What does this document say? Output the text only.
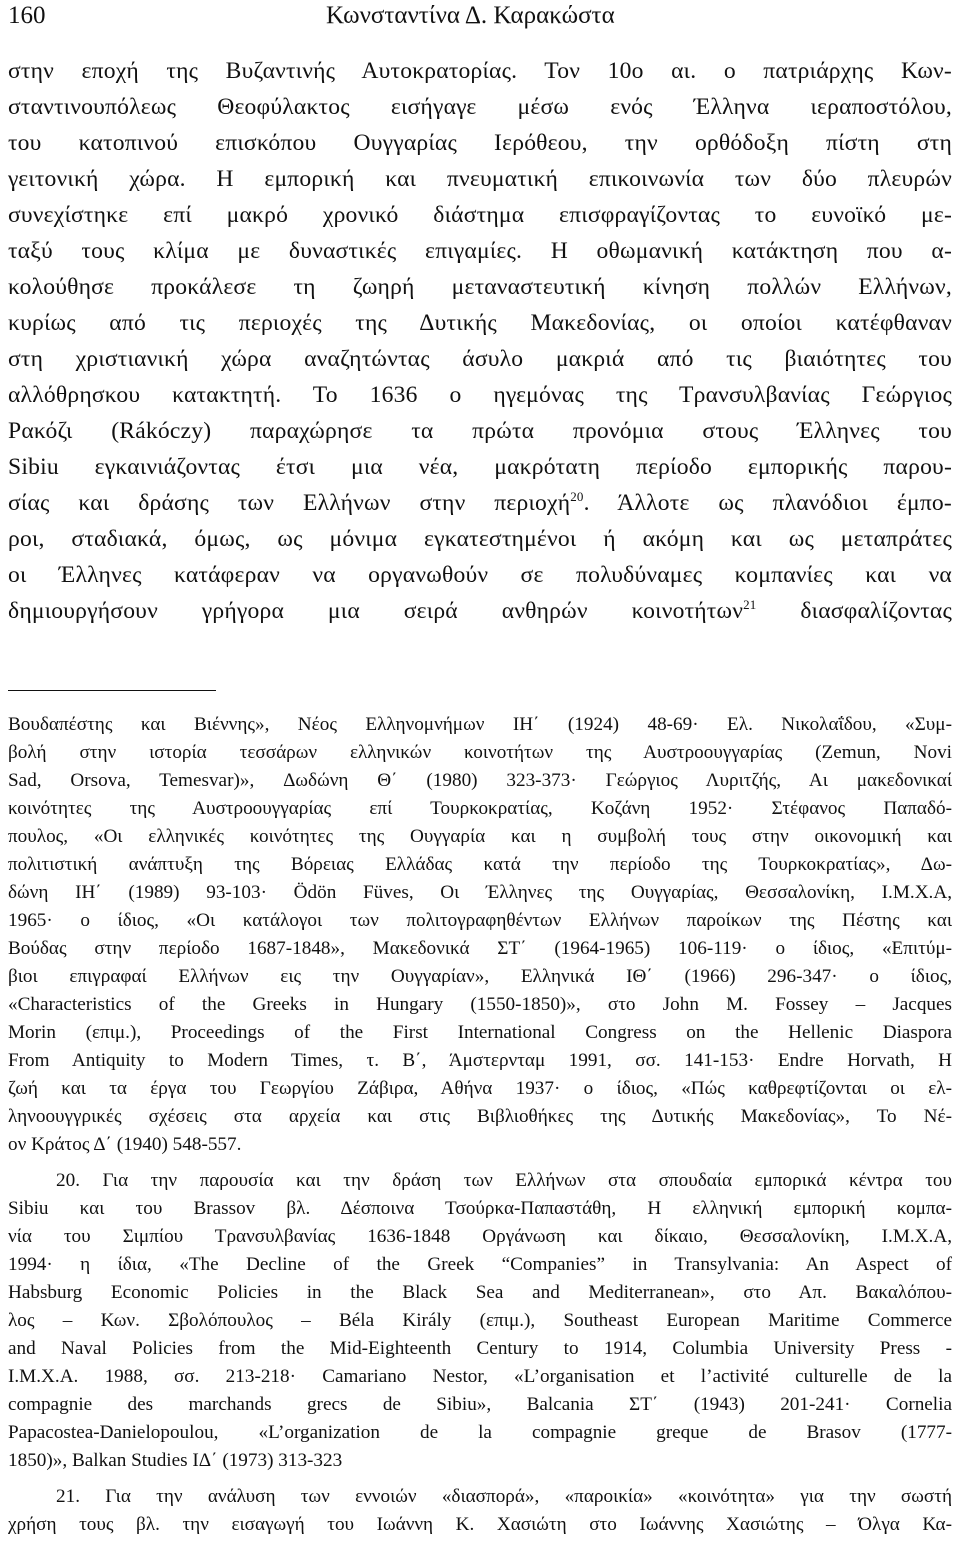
160	Κωνσταντίνα Δ. Καρακώστα
στην εποχή της Βυζαντινής Αυτοκρατορίας. Τον 10ο αι. ο πατριάρχης Κων-
σταντινουπόλεως Θεοφύλακτος εισήγαγε μέσω ενός Έλληνα ιεραποστόλου,
του κατοπινού επισκόπου Ουγγαρίας Ιερόθεου, την ορθόδοξη πίστη στη
γειτονική χώρα. Η εμπορική και πνευματική επικοινωνία των δύο πλευρών
συνεχίστηκε επί μακρό χρονικό διάστημα επισφραγίζοντας το ευνοϊκό με-
ταξύ τους κλίμα με δυναστικές επιγαμίες. Η οθωμανική κατάκτηση που α-
κολούθησε προκάλεσε τη ζωηρή μεταναστευτική κίνηση πολλών Ελλήνων,
κυρίως από τις περιοχές της Δυτικής Μακεδονίας, οι οποίοι κατέφθαναν
στη χριστιανική χώρα αναζητώντας άσυλο μακριά από τις βιαιότητες του
αλλόθρησκου κατακτητή. Το 1636 ο ηγεμόνας της Τρανσυλβανίας Γεώργιος
Ρακόζι (Rákóczy) παραχώρησε τα πρώτα προνόμια στους Έλληνες του
Sibiu εγκαινιάζοντας έτσι μια νέα, μακρότατη περίοδο εμπορικής παρου-
σίας και δράσης των Ελλήνων στην περιοχή$^{20}$. Άλλοτε ως πλανόδιοι έμπο-
ροι, σταδιακά, όμως, ως μόνιμα εγκατεστημένοι ή ακόμη και ως μεταπράτες
οι Έλληνες κατάφεραν να οργανωθούν σε πολυδύναμες κομπανίες και να
δημιουργήσουν γρήγορα μια σειρά ανθηρών κοινοτήτων$^{21}$ διασφαλίζοντας
Βουδαπέστης και Βιέννης», Νέος Ελληνομνήμων ΙΗ΄ (1924) 48-69· Ελ. Νικολαΐδου, «Συμ-
βολή στην ιστορία τεσσάρων ελληνικών κοινοτήτων της Αυστροουγγαρίας (Zemun, Novi
Sad, Orsova, Temesvar)», Δωδώνη Θ΄ (1980) 323-373· Γεώργιος Λυριτζής, Αι μακεδονικαί
κοινότητες της Αυστροουγγαρίας επί Τουρκοκρατίας, Κοζάνη 1952· Στέφανος Παπαδό-
πουλος, «Οι ελληνικές κοινότητες της Ουγγαρία και η συμβολή τους στην οικονομική και
πολιτιστική ανάπτυξη της Βόρειας Ελλάδας κατά την περίοδο της Τουρκοκρατίας», Δω-
δώνη ΙΗ΄ (1989) 93-103· Ödön Füves, Οι Έλληνες της Ουγγαρίας, Θεσσαλονίκη, Ι.Μ.Χ.Α,
1965· ο ίδιος, «Οι κατάλογοι των πολιτογραφηθέντων Ελλήνων παροίκων της Πέστης και
Βούδας στην περίοδο 1687-1848», Μακεδονικά ΣΤ΄ (1964-1965) 106-119· ο ίδιος, «Επιτύμ-
βιοι επιγραφαί Ελλήνων εις την Ουγγαρίαν», Ελληνικά ΙΘ΄ (1966) 296-347· ο ίδιος,
«Characteristics of the Greeks in Hungary (1550-1850)», στο John M. Fossey – Jacques
Morin (επιμ.), Proceedings of the First International Congress on the Hellenic Diaspora
From Antiquity to Modern Times, τ. Β΄, Άμστερνταμ 1991, σσ. 141-153· Endre Horvath, Η
ζωή και τα έργα του Γεωργίου Ζάβιρα, Αθήνα 1937· ο ίδιος, «Πώς καθρεφτίζονται οι ελ-
ληνοουγγρικές σχέσεις στα αρχεία και στις Βιβλιοθήκες της Δυτικής Μακεδονίας», Το Νέ-
ον Κράτος Δ΄ (1940) 548-557.
20. Για την παρουσία και την δράση των Ελλήνων στα σπουδαία εμπορικά κέντρα του
Sibiu και του Brassov βλ. Δέσποινα Τσούρκα-Παπαστάθη, Η ελληνική εμπορική κομπα-
νία του Σιμπίου Τρανσυλβανίας 1636-1848 Οργάνωση και δίκαιο, Θεσσαλονίκη, Ι.Μ.Χ.Α,
1994· η ίδια, «The Decline of the Greek “Companies” in Transylvania: An Aspect of
Habsburg Economic Policies in the Black Sea and Mediterranean», στο Απ. Βακαλόπου-
λος – Κων. Σβολόπουλος – Béla Király (επιμ.), Southeast European Maritime Commerce
and Naval Policies from the Mid-Eighteenth Century to 1914, Columbia University Press -
I.M.X.A. 1988, σσ. 213-218· Camariano Nestor, «L’organisation et l’activité culturelle de la
compagnie des marchands grecs de Sibiu», Balcania ΣΤ΄ (1943) 201-241· Cornelia
Papacostea-Danielopoulou, «L’organization de la compagnie greque de Brasov (1777-
1850)», Balkan Studies ΙΔ΄ (1973) 313-323
21. Για την ανάλυση των εννοιών «διασπορά», «παροικία» «κοινότητα» για την σωστή
χρήση τους βλ. την εισαγωγή του Ιωάννη Κ. Χασιώτη στο Ιωάννης Χασιώτης – Όλγα Κα-
